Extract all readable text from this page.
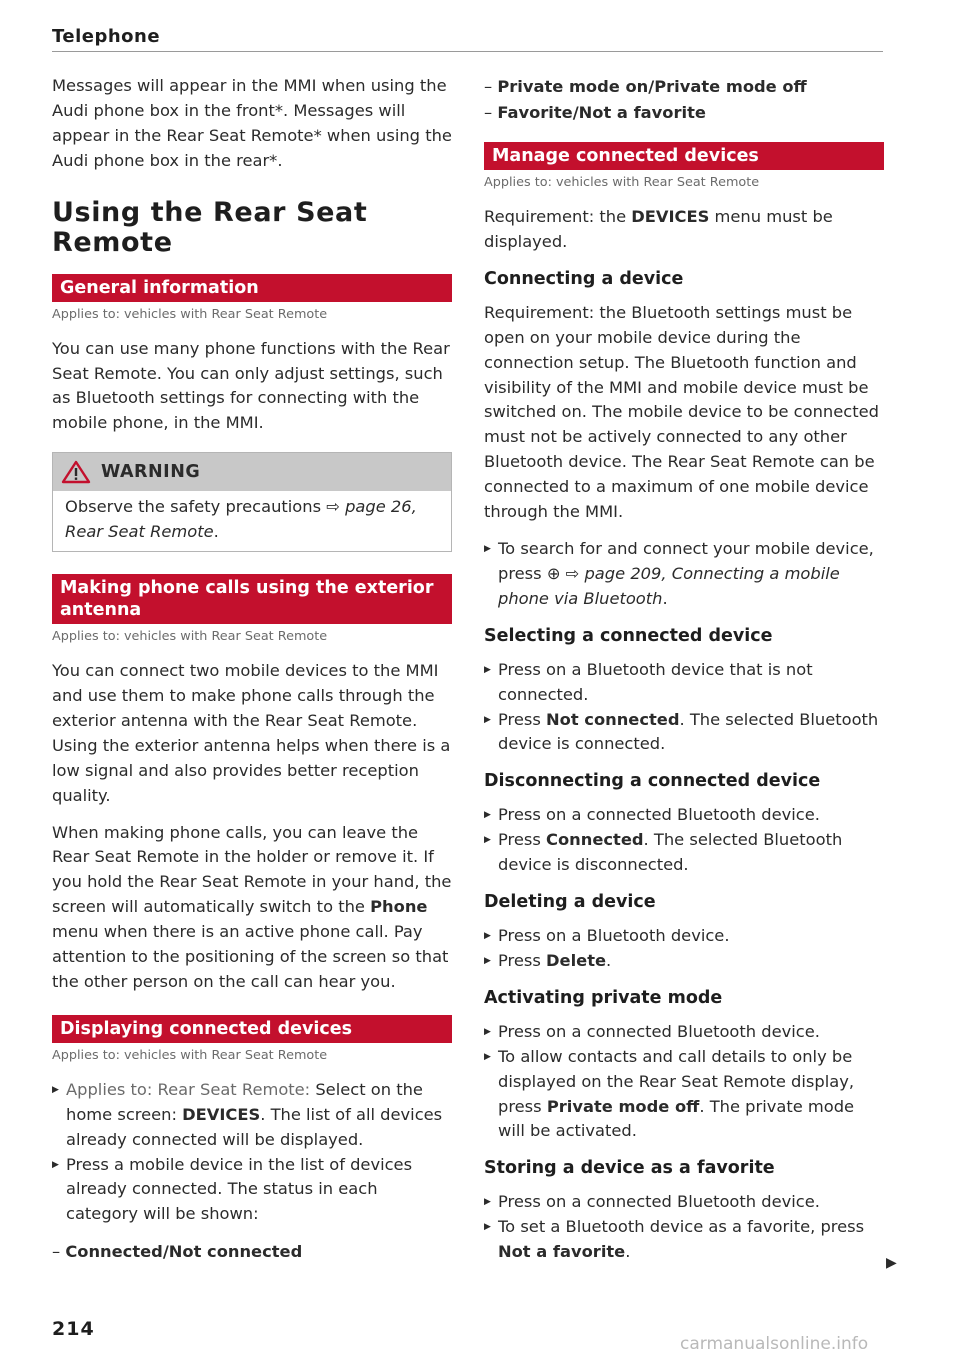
Telephone

Messages will appear in the MMI when using the Audi phone box in the front*. Messages will appear in the Rear Seat Remote* when using the Audi phone box in the rear*.

Using the Rear Seat Remote
General information
Applies to: vehicles with Rear Seat Remote

You can use many phone functions with the Rear Seat Remote. You can only adjust settings, such as Bluetooth settings for connecting with the mobile phone, in the MMI.

WARNING

Observe the safety precautions ⇨ page 26, Rear Seat Remote.

Making phone calls using the exterior antenna
Applies to: vehicles with Rear Seat Remote

You can connect two mobile devices to the MMI and use them to make phone calls through the exterior antenna with the Rear Seat Remote. Using the exterior antenna helps when there is a low signal and also provides better reception quality.

When making phone calls, you can leave the Rear Seat Remote in the holder or remove it. If you hold the Rear Seat Remote in your hand, the screen will automatically switch to the Phone menu when there is an active phone call. Pay attention to the positioning of the screen so that the other person on the call can hear you.

Displaying connected devices
Applies to: vehicles with Rear Seat Remote
▶ Applies to: Rear Seat Remote: Select on the home screen: DEVICES. The list of all devices already connected will be displayed.
▶ Press a mobile device in the list of devices already connected. The status in each category will be shown:
– Connected/Not connected
– Private mode on/Private mode off
– Favorite/Not a favorite
Manage connected devices
Applies to: vehicles with Rear Seat Remote

Requirement: the DEVICES menu must be displayed.

Connecting a device

Requirement: the Bluetooth settings must be open on your mobile device during the connection setup. The Bluetooth function and visibility of the MMI and mobile device must be switched on. The mobile device to be connected must not be actively connected to any other Bluetooth device. The Rear Seat Remote can be connected to a maximum of one mobile device through the MMI.

▶ To search for and connect your mobile device, press ⊕ ⇨ page 209, Connecting a mobile phone via Bluetooth.
Selecting a connected device
▶ Press on a Bluetooth device that is not connected.
▶ Press Not connected. The selected Bluetooth device is connected.
Disconnecting a connected device
▶ Press on a connected Bluetooth device.
▶ Press Connected. The selected Bluetooth device is disconnected.
Deleting a device
▶ Press on a Bluetooth device.
▶ Press Delete.
Activating private mode
▶ Press on a connected Bluetooth device.
▶ To allow contacts and call details to only be displayed on the Rear Seat Remote display, press Private mode off. The private mode will be activated.
Storing a device as a favorite
▶ Press on a connected Bluetooth device.
▶ To set a Bluetooth device as a favorite, press Not a favorite.
▶
214
carmanualsonline.info
